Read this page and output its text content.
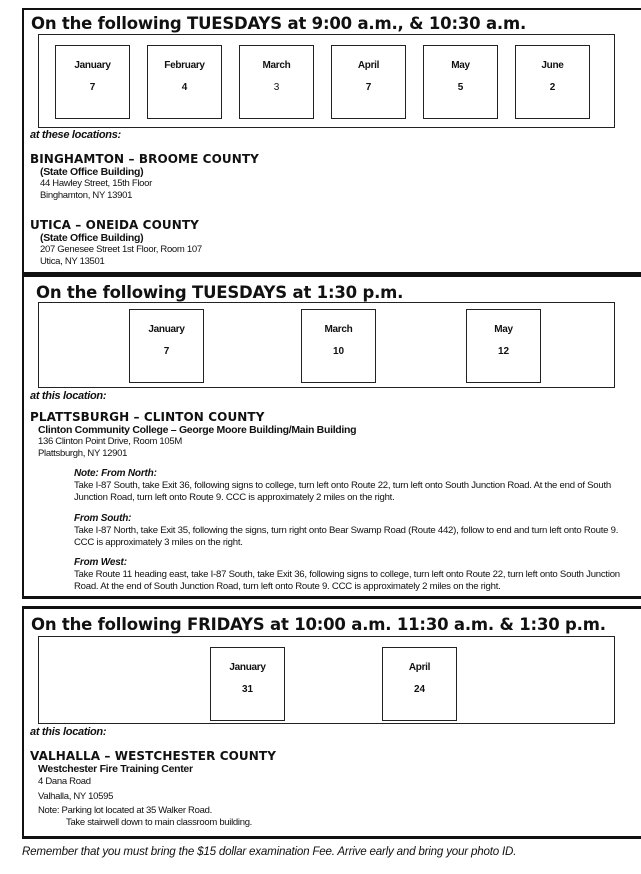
On the following TUESDAYS at 9:00 a.m., & 10:30 a.m.
January
7
February
4
March
3
April
7
May
5
June
2
at these locations:
BINGHAMTON – BROOME COUNTY
(State Office Building)
44 Hawley Street, 15th Floor
Binghamton, NY 13901
UTICA – ONEIDA COUNTY
(State Office Building)
207 Genesee Street 1st Floor, Room 107
Utica, NY 13501
On the following TUESDAYS at 1:30 p.m.
January
7
March
10
May
12
at this location:
PLATTSBURGH – CLINTON COUNTY
Clinton Community College – George Moore Building/Main Building
136 Clinton Point Drive, Room 105M
Plattsburgh, NY 12901
Note: From North:
Take I-87 South, take Exit 36, following signs to college, turn left onto Route 22, turn left onto South Junction Road. At the end of South Junction Road, turn left onto Route 9. CCC is approximately 2 miles on the right.
From South:
Take I-87 North, take Exit 35, following the signs, turn right onto Bear Swamp Road (Route 442), follow to end and turn left onto Route 9. CCC is approximately 3 miles on the right.
From West:
Take Route 11 heading east, take I-87 South, take Exit 36, following signs to college, turn left onto Route 22, turn left onto South Junction Road. At the end of South Junction Road, turn left onto Route 9. CCC is approximately 2 miles on the right.
On the following FRIDAYS at 10:00 a.m. 11:30 a.m. & 1:30 p.m.
January
31
April
24
at this location:
VALHALLA – WESTCHESTER COUNTY
Westchester Fire Training Center
4 Dana Road
Valhalla, NY 10595
Note: Parking lot located at 35 Walker Road.
Take stairwell down to main classroom building.
Remember that you must bring the $15 dollar examination Fee. Arrive early and bring your photo ID.
